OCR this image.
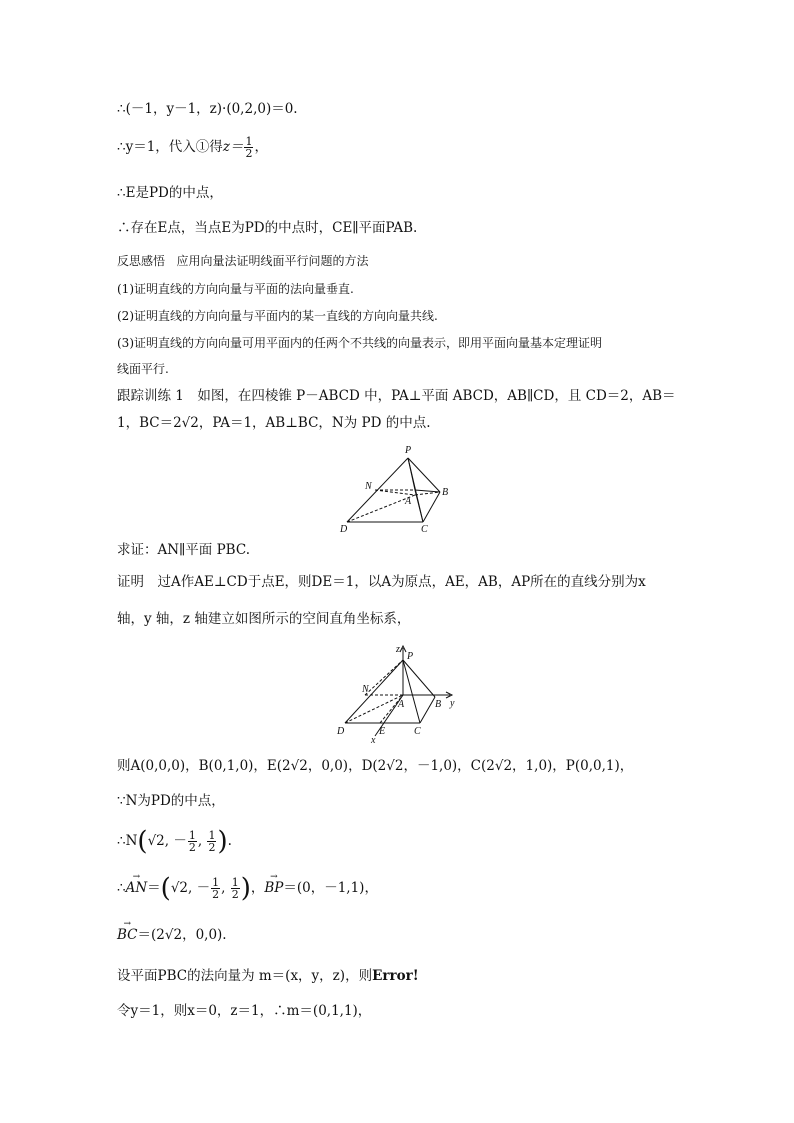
∴(－1，y－1，z)·(0,2,0)＝0.
∴y＝1，代入①得$z= \frac{1}{2}$ ，
∴E是PD的中点，
∴存在E点，当点E为PD的中点时，CE∥平面PAB.
反思感悟 应用向量法证明线面平行问题的方法
(1)证明直线的方向向量与平面的法向量垂直.
(2)证明直线的方向向量与平面内的某一直线的方向向量共线.
(3)证明直线的方向向量可用平面内的任两个不共线的向量表示，即用平面向量基本定理证明
线面平行.
跟踪训练 1　如图，在四棱锥 P－ABCD 中，PA⊥平面 ABCD，AB∥CD，且 CD＝2，AB＝
1，BC＝2√2，PA＝1，AB⊥BC，N为 PD 的中点.
P
N
A
B
D	C
求证：AN∥平面 PBC.
证明　过A作AE⊥CD于点E，则DE＝1，以A为原点，AE，AB，AP所在的直线分别为x
轴，y 轴，z 轴建立如图所示的空间直角坐标系，
z
P
N
A	B y
D	E	C
x
则A(0,0,0)，B(0,1,0)，E(2√2，0,0)，D(2√2，－1,0)，C(2√2，1,0)，P(0,0,1)，
∵N为PD的中点，
∴N(√2, － $\frac{1}{2}$ , $\frac{1}{2}$ ).
∴→ AN＝(√2, － $\frac{1}{2}$ , $\frac{1}{2}$ )，→ BP＝(0，－1,1)，
→ BC＝(2√2，0,0).
设平面PBC的法向量为 m＝(x，y，z)，则Error!
令y＝1，则x＝0，z＝1，∴m＝(0,1,1)，
